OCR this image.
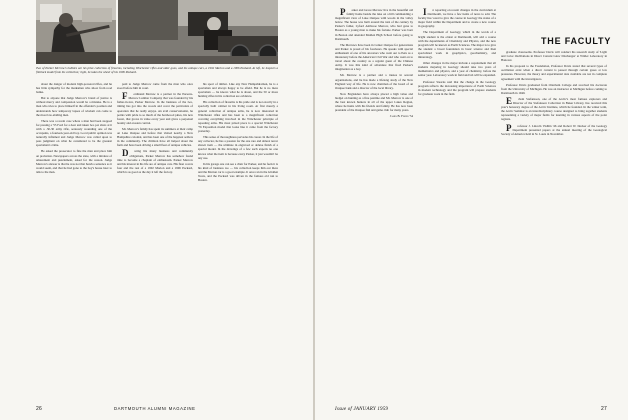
Two of Parker Merrow's hobbies are his prize collection of firearms, including Winchester rifles and older guns, and his antique cars, a 1902 Marion and a 1906 Packard. At left, he inspects a flintlock model from his collection; right, he takes the wheel of his 1906 Packard.

about the danger of modern high-powered rifles, and he has little sympathy for the marksmen who shoot from road banks.

But to anyone that Judge Merrow's brand of justice is without mercy and compassion would be a mistake. He is a man who tries to place himself in the offender's position and understands how temporary lapses of wisdom can come to the most law-abiding men.

There was a recent case where a man had been stopped for passing a '55 Ford for a deer and taken two pot shots at it with a .30-30 army rifle, seriously wounding one of the occupants, a fourteen-year-old boy. Local public opinion was naturally inflamed and Judge Merrow was called upon to pass judgment on what he considered to be the greatest sportsman's crime.

He asked the prosecutor to fine the man and place him on probation. Newspapers across the state, with a mixture of amazement and puzzlement, asked for the reason. Judge Merrow's answer is that he was not that harsh a sentence as it would seem, and that he had gone to the boy's house later to talk to the man.

paid to Judge Merrow came from the man who once stood before him in court.

Ferdinand Merrow is a partner in the Parsons-Merrow Lumber Company that was founded by his father-in-law, Parker Merrow. In the business of the two, timing has got into the woods and cover the particulars of operation that he really enjoys. An avid conservationist, he points with pride to so much of the hardwood pines, his new forest, that grows in value every year and gives a perpetual bounty and erosion control.

Mr. Merrow's family has spent its summers at their camp on Lake Ossipee and before that visited nearby a New Hampshire colonial, and has been one of the happiest settlers in the community. The children have all helped about the farm and have been driving a small fleet of antique vehicles.

During his many business and community obligations, Parker Merrow has somehow found time to become a chaplain of enthusiasm. Parker Merrow and his interest in his life are of antique cars. His fleet covers four and the rest of a 1902 Marion and a 1906 Packard, which is as good as the day it left the factory.

his sport of timber. Like any New Hampshireman, he is a sportsman and always happy to be afield. But he is no mere sportsman — he knows what he is about, and the 50 or more hunting rifles in his collection are evidence.

His collection of firearms is his pride and is not exactly in a specially built cabinet in his living room. At first merely a general collection of antique arms, he is now interested in Winchester rifles and has been to a magnificent collection covering everything involved in the Winchester principle of repeating arms. His most prized piece is a special Winchester '76 Exposition model that looks like it came from the factory yesterday.

This sense of thoroughness pervades his career. In the life of any collector, he has a passion for the one rare and almost never shown item — the ultimate in engraved or deluxe finish of a special model. In the drawings of a few such experts no one knows what the item is because every Parker, it just wouldn't be any use.

In his garage one can see a chair for Parker, and he feels it is his kind of business too — his collection keeps him out there and the Marion car is a good example. It once ran in the Glidden Tours, and the Packard was driven in the famous old run to Boston.

26	DARTMOUTH ALUMNI MAGAZINE

Parker and Grace Merrow live in the beautiful old family home beside the lake on a hill commanding a magnificent view of Lake Ossipee with woods in the valley below. The house was built around the turn of the century by Parker's father, Lyford Ambrose Merrow, who had gone to Boston as a young man to make his fortune. Parker was born in Boston and attended Malden High School before going to Dartmouth.

The Merrows have been in Center Ossipee for generations and Parker is proud of his forebears. He speaks with special enthusiasm of one of his ancestors who went out to Peru as a missionary before the American Civil War and who went on to travel about the country as a regular guest of the Chinese Army. It was this kind of adventure that fired Parker's imagination as a boy.

Mr. Merrow is a partner and a trustee in several organizations, and he has made a lifelong study of the New England way of life. He is now chairman of the board of an Ossipee bank and a director of the local library.

Now Englanders have always placed a high value and budget on hunting as a fine pastime and Mr. Merrow is one of the best known hunters in all of the upper Lakes Region, where he hunts with his friends and family. He has now been president of the Ossipee fish and game club for many years.

James B. Fisher '54

In reporting on recent changes in the curriculum at Dartmouth, we have a few items of news to add. The faculty has voted to give the course in Geology the status of a major field within the Department and to create a new course in geography.

The Department of Geology, which in the words of a bright student is the oldest at Dartmouth, will add a course with the departments of Chemistry and Physics, and the new program will be known as Earth Sciences. The major is to give the student a broad foundation in basic science and then specialized work in geophysics, geochemistry, and mineralogy.

Other changes in the major include a requirement that all students majoring in Geology should take two years of mathematics and physics, and a year of chemistry, before the senior year. Laboratory work in field and lab will be expanded.

Professor Stearns said that the change in the Geology program reflects the increasing importance of Earth Sciences in modern technology and the program will prepare students for graduate work in the field.

THE FACULTY

graduate classrooms. Professor Davis will conduct his research study of 'Light and Color Oscillations in Direct Current Glow Discharges' at Wilder Laboratory in Hanover.

In his proposal to the Foundation, Professor Davis stated that several types of oscillation exist when a direct current is passed through certain gases at low pressures. However, the theory and experimental data available are not in complete agreement with the investigators.

Professor Davis graduated from Otterbein College and received his doctorate from the University of Michigan. He was an instructor at Michigan before coming to Dartmouth in 1949.

Edwin Stefansson, one of the Arctic's most famous explorers and Director of the Stefansson Collection in Baker Library, has received this year's honorary degree of the Arctic Institute, which he founded. In the winter term, the Arctic Seminar is an interdisciplinary course designed to bring together students representing a variety of major fields for learning in various aspects of the polar regions.

Professor J. Lincoln Vishlin '46 and Robert W. Decker of the Geology Department presented papers at the annual meeting of the Geological Society of America held in St. Louis in November.

Issue of JANUARY 1959	27
